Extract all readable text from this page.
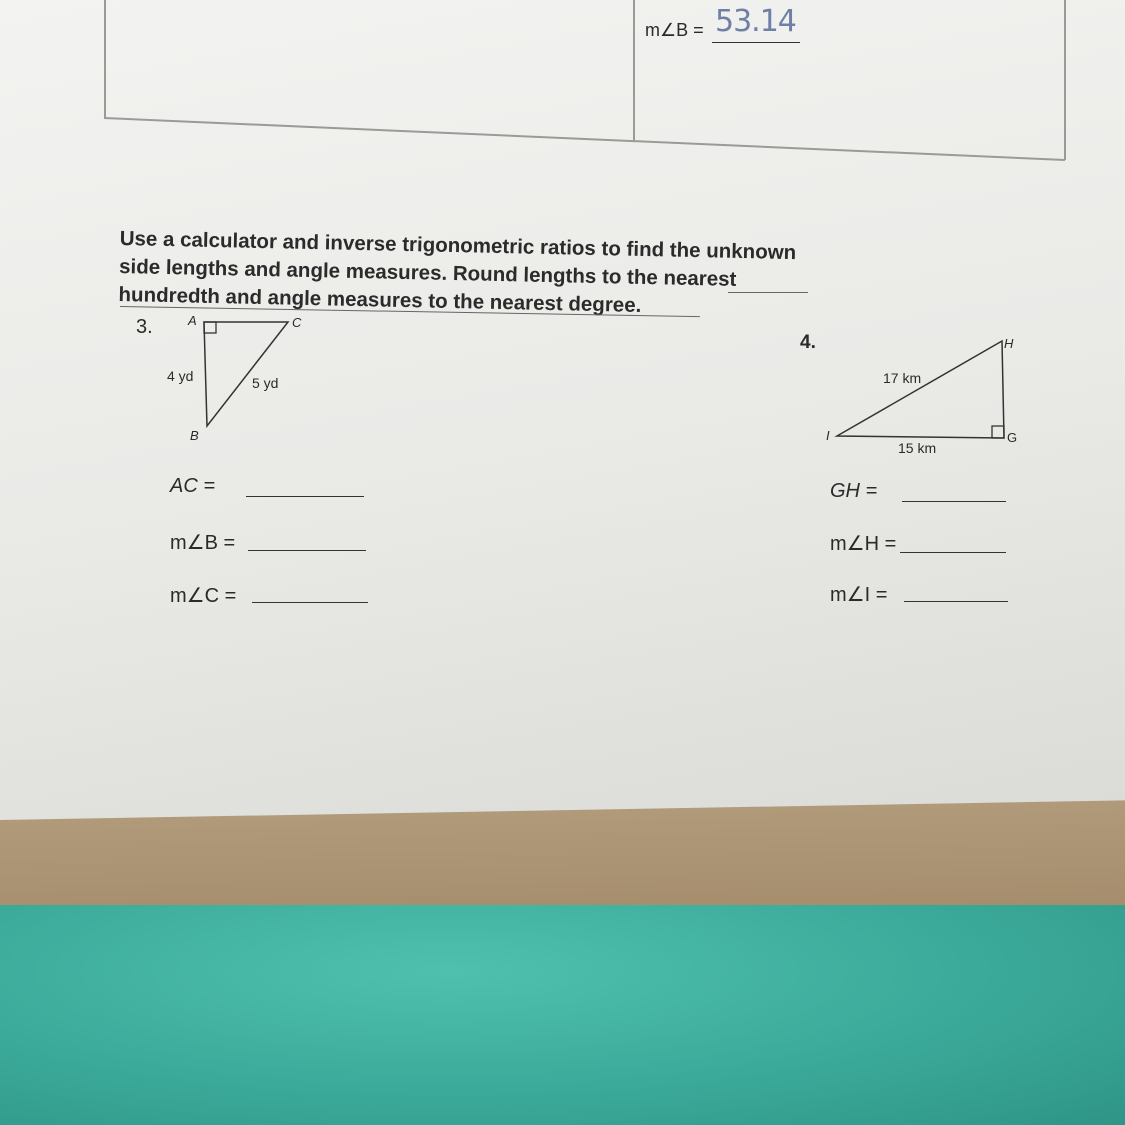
m∠B = 53.14
Use a calculator and inverse trigonometric ratios to find the unknown
side lengths and angle measures. Round lengths to the nearest
hundredth and angle measures to the nearest degree.
3.	A	C
B
4 yd	5 yd
AC =
m∠B =
m∠C =
4.	H
I	G
17 km
15 km
GH =
m∠H =
m∠I =
